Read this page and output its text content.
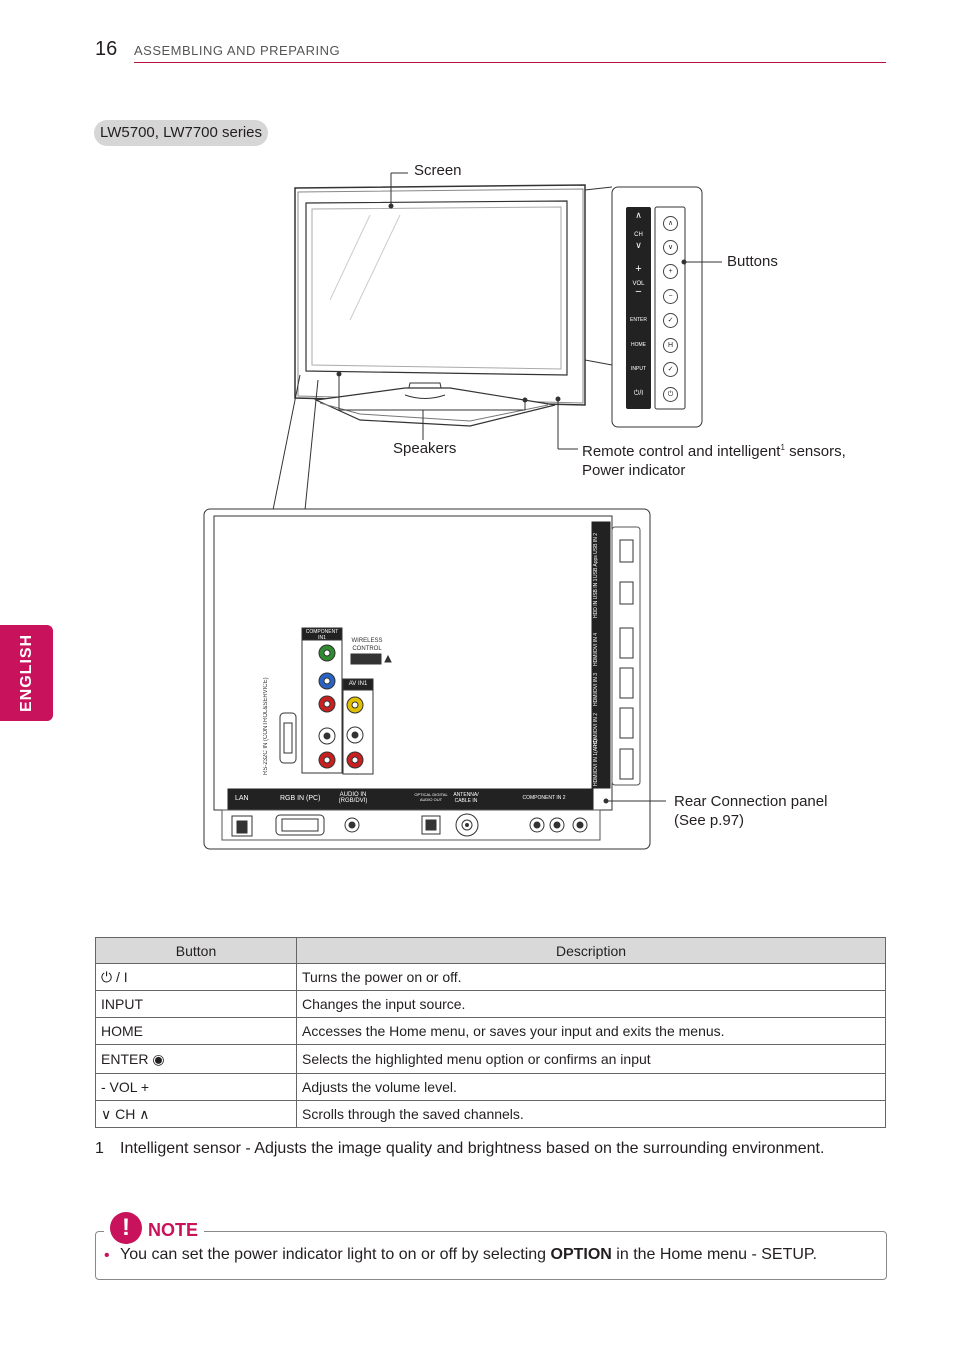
16 ASSEMBLING AND PREPARING
ENGLISH
LW5700, LW7700 series
Screen
Buttons
Speakers	Remote control and intelligent$^1$ sensors,
Power indicator
Rear Connection panel
(See p.97)
∧
CH
∨
+
VOL
−
ENTER
HOME
INPUT
⏻/I
∧
∨
+
−
✓
H
✓
⏻
COMPONENT IN1	WIRELESS CONTROL
AV IN1
RS-232C IN (CONTROL&SERVICE)
LAN	RGB IN (PC)	AUDIO IN (RGB/DVI)
OPTICAL DIGITAL AUDIO OUT
ANTENNA/ CABLE IN
AV IN 2
COMPONENT IN 2
USB Apps USB IN 2
HDD IN USB IN 1
HDMI/DVI IN 4
HDMI/DVI IN 3
HDMI/DVI IN 2
HDMI/DVI IN 1(ARC)
Button	Description
⏻ / I	Turns the power on or off.
INPUT	Changes the input source.
HOME	Accesses the Home menu, or saves your input and exits the menus.
ENTER ◉	Selects the highlighted menu option or confirms an input
- VOL +	Adjusts the volume level.
∨ CH ∧	Scrolls through the saved channels.
1 Intelligent sensor - Adjusts the image quality and brightness based on the surrounding environment.
!	NOTE
• You can set the power indicator light to on or off by selecting OPTION in the Home menu - SETUP.
